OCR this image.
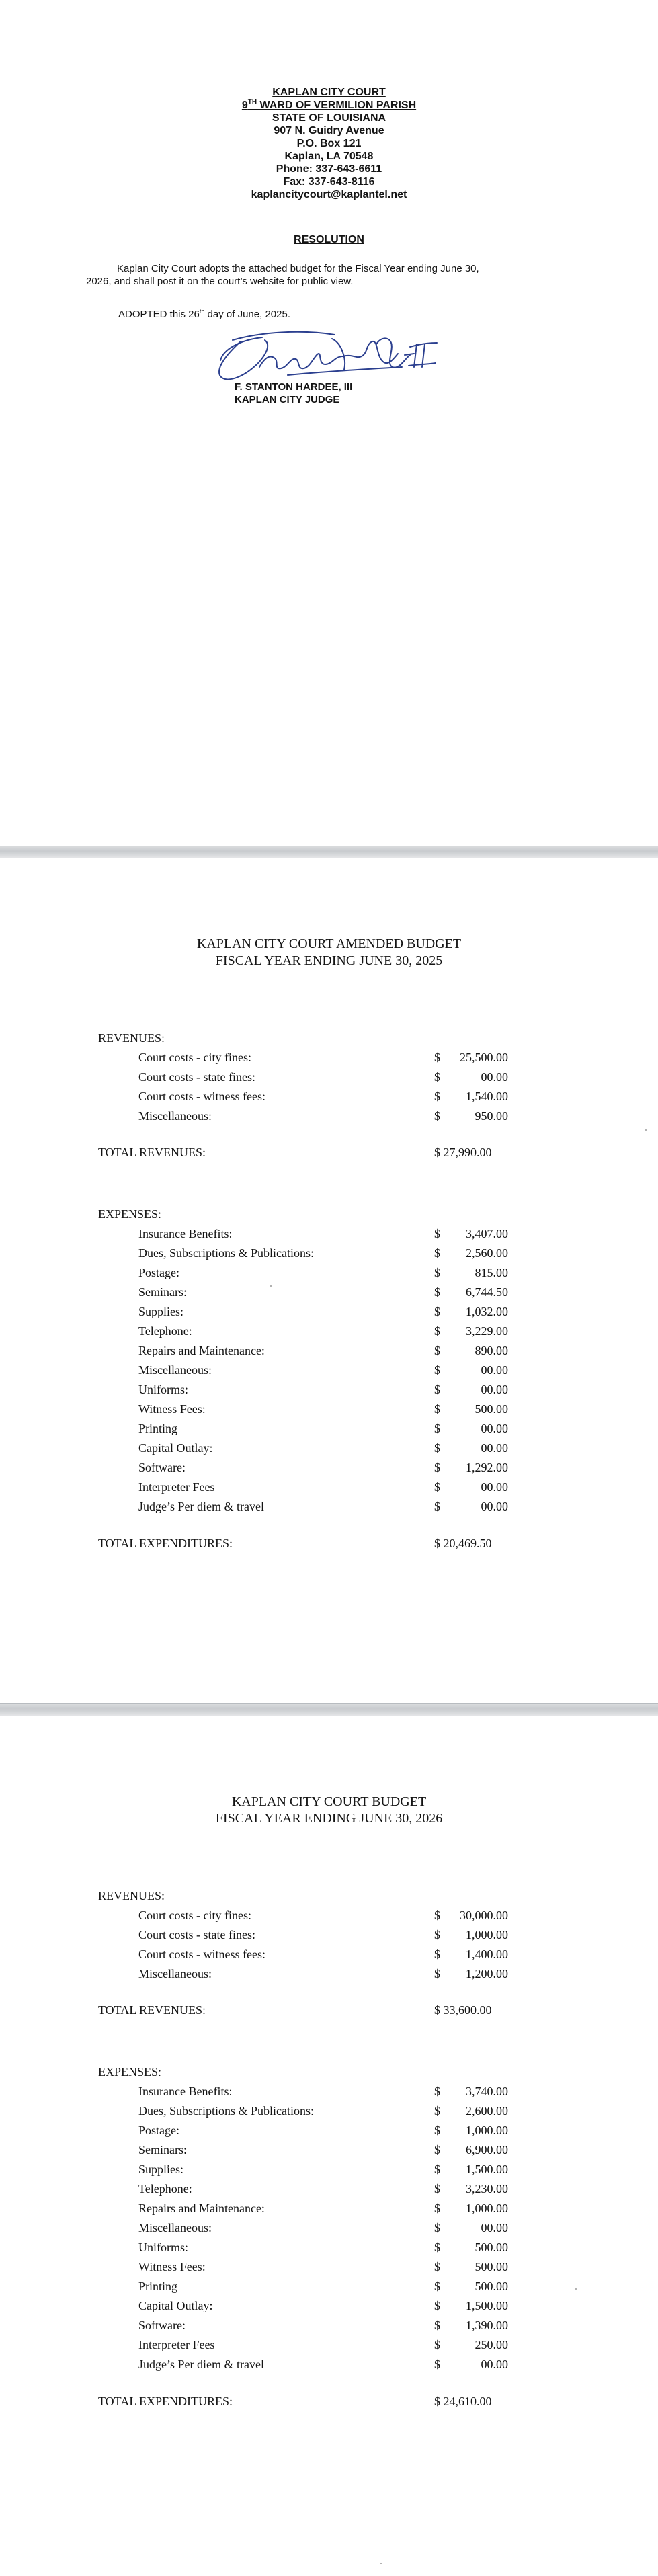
KAPLAN CITY COURT
9TH WARD OF VERMILION PARISH
STATE OF LOUISIANA
907 N. Guidry Avenue
P.O. Box 121
Kaplan, LA 70548
Phone: 337-643-6611
Fax: 337-643-8116
kaplancitycourt@kaplantel.net
RESOLUTION
Kaplan City Court adopts the attached budget for the Fiscal Year ending June 30,
2026, and shall post it on the court’s website for public view.
ADOPTED this 26th day of June, 2025.
F. STANTON HARDEE, III
KAPLAN CITY JUDGE
KAPLAN CITY COURT AMENDED BUDGET
FISCAL YEAR ENDING JUNE 30, 2025
REVENUES:
Court costs - city fines:	$ 25,500.00
Court costs - state fines:	$	00.00
Court costs - witness fees:	$ 1,540.00
Miscellaneous:	$	950.00
TOTAL REVENUES:	$ 27,990.00
EXPENSES:
Insurance Benefits:	$ 3,407.00
Dues, Subscriptions & Publications:	$ 2,560.00
Postage:	$	815.00
Seminars:	$ 6,744.50
Supplies:	$ 1,032.00
Telephone:	$ 3,229.00
Repairs and Maintenance:	$	890.00
Miscellaneous:	$	00.00
Uniforms:	$	00.00
Witness Fees:	$	500.00
Printing	$	00.00
Capital Outlay:	$	00.00
Software:	$ 1,292.00
Interpreter Fees	$	00.00
Judge’s Per diem & travel	$	00.00
TOTAL EXPENDITURES:	$ 20,469.50
KAPLAN CITY COURT BUDGET
FISCAL YEAR ENDING JUNE 30, 2026
REVENUES:
Court costs - city fines:	$ 30,000.00
Court costs - state fines:	$ 1,000.00
Court costs - witness fees:	$ 1,400.00
Miscellaneous:	$ 1,200.00
TOTAL REVENUES:	$ 33,600.00
EXPENSES:
Insurance Benefits:	$ 3,740.00
Dues, Subscriptions & Publications:	$ 2,600.00
Postage:	$ 1,000.00
Seminars:	$ 6,900.00
Supplies:	$ 1,500.00
Telephone:	$ 3,230.00
Repairs and Maintenance:	$ 1,000.00
Miscellaneous:	$	00.00
Uniforms:	$	500.00
Witness Fees:	$	500.00
Printing	$	500.00
Capital Outlay:	$ 1,500.00
Software:	$ 1,390.00
Interpreter Fees	$	250.00
Judge’s Per diem & travel	$	00.00
TOTAL EXPENDITURES:	$ 24,610.00
